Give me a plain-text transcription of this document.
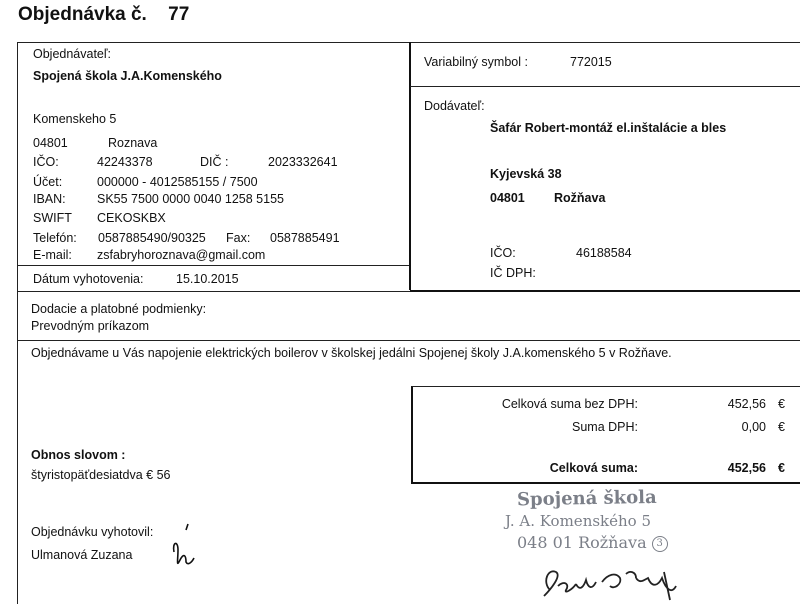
Objednávka č. 77
Objednávateľ:
Spojená škola J.A.Komenského
Komenskeho 5
04801	Roznava
IČO:	42243378	DIČ :	2023332641
Účet:	000000 - 4012585155 / 7500
IBAN:	SK55 7500 0000 0040 1258 5155
SWIFT CEKOSKBX
Telefón: 0587885490/90325 Fax: 0587885491
E-mail: zsfabryhoroznava@gmail.com
Dátum vyhotovenia:	15.10.2015
Variabilný symbol :	772015
Dodávateľ:
Šafár Robert-montáž el.inštalácie a bles
Kyjevská 38
04801 Rožňava
IČO:	46188584
IČ DPH:
Dodacie a platobné podmienky:
Prevodným príkazom
Objednávame u Vás napojenie elektrických boilerov v školskej jedálni Spojenej školy J.A.komenského 5 v Rožňave.
Celková suma bez DPH:	452,56 €
Suma DPH:	0,00 €
Celková suma:	452,56 €
Obnos slovom :
štyristopäťdesiatdva € 56
Objednávku vyhotovil:
Ulmanová Zuzana
Spojená škola
J. A. Komenského 5
048 01 Rožňava 3
